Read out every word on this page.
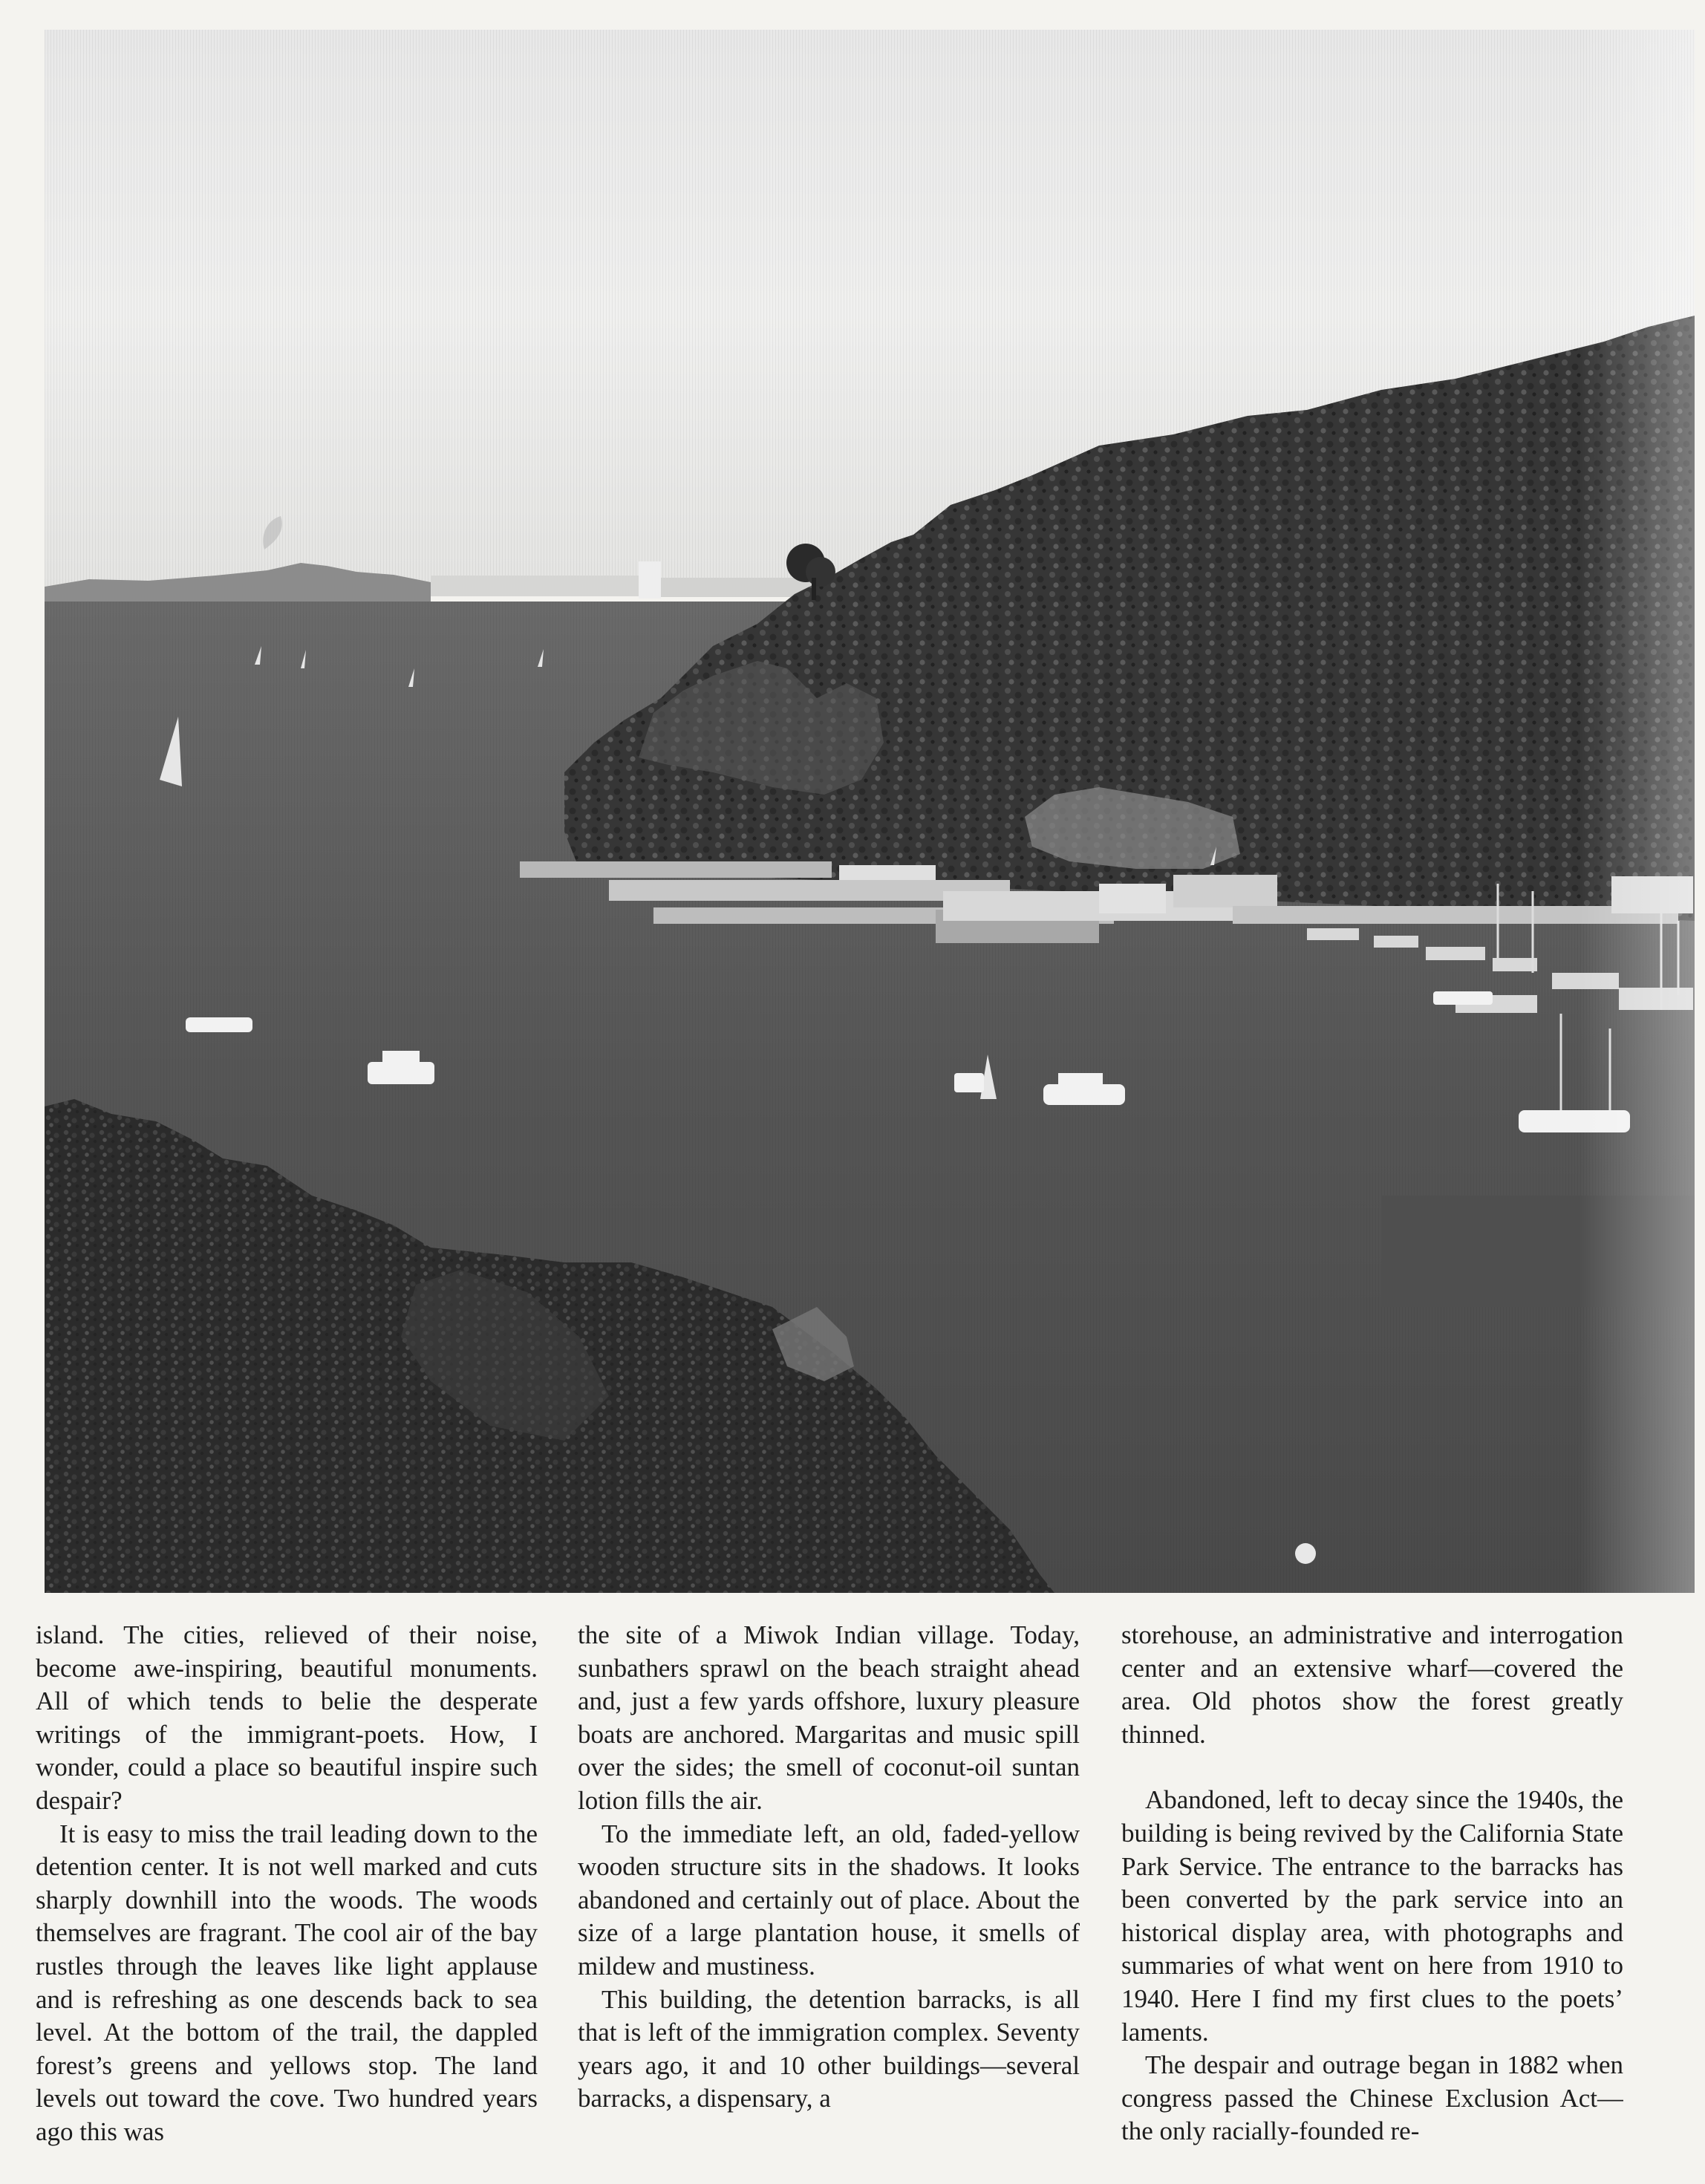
island. The cities, relieved of their noise, become awe-inspiring, beautiful monuments. All of which tends to belie the desperate writings of the immigrant-poets. How, I wonder, could a place so beautiful inspire such despair?

It is easy to miss the trail leading down to the detention center. It is not well marked and cuts sharply downhill into the woods. The woods themselves are fragrant. The cool air of the bay rustles through the leaves like light applause and is refreshing as one descends back to sea level. At the bottom of the trail, the dappled forest’s greens and yellows stop. The land levels out toward the cove. Two hundred years ago this was

the site of a Miwok Indian village. Today, sunbathers sprawl on the beach straight ahead and, just a few yards offshore, luxury pleasure boats are anchored. Margaritas and music spill over the sides; the smell of coconut-oil suntan lotion fills the air.

To the immediate left, an old, faded-yellow wooden structure sits in the shadows. It looks abandoned and certainly out of place. About the size of a large plantation house, it smells of mildew and mustiness.

This building, the detention barracks, is all that is left of the immigration complex. Seventy years ago, it and 10 other buildings—several barracks, a dispensary, a

storehouse, an administrative and interrogation center and an extensive wharf—covered the area. Old photos show the forest greatly thinned.

Abandoned, left to decay since the 1940s, the building is being revived by the California State Park Service. The entrance to the barracks has been converted by the park service into an historical display area, with photographs and summaries of what went on here from 1910 to 1940. Here I find my first clues to the poets’ laments.

The despair and outrage began in 1882 when congress passed the Chinese Exclusion Act—the only racially-founded re-
